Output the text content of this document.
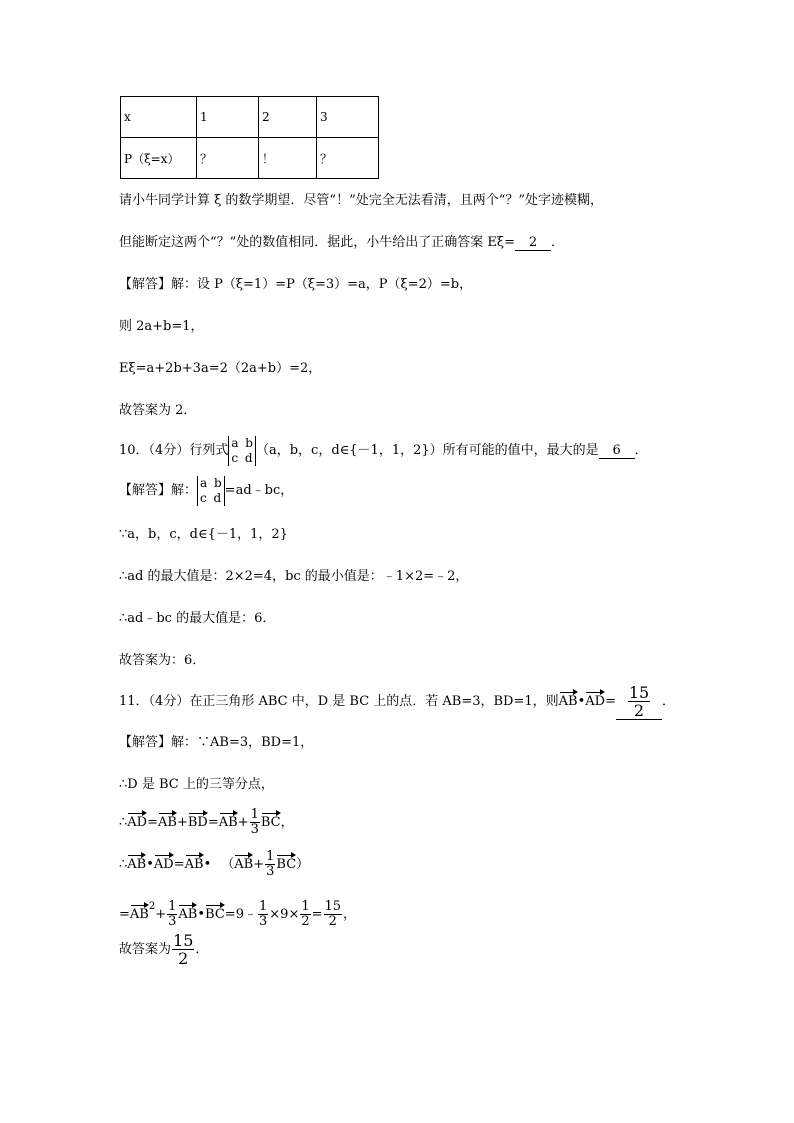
x	1	2	3
P（ξ=x）	？	！	？
请小牛同学计算 ξ 的数学期望．尽管“！”处完全无法看清，且两个“？”处字迹模糊，
但能断定这两个“？”处的数值相同．据此，小牛给出了正确答案 Eξ= 2 ．
【解答】解：设 P（ξ=1）=P（ξ=3）=a，P（ξ=2）=b，
则 2a+b=1，
Eξ=a+2b+3a=2（2a+b）=2，
故答案为 2．
10．（4分）行列式
a b
c d （a，b，c，d∈{－1，1，2}）所有可能的值中，最大的是 6 ．
【解答】解：
a b
c d =ad﹣bc，
∵a，b，c，d∈{－1，1，2}
∴ad 的最大值是：2×2=4，bc 的最小值是：﹣1×2=﹣2，
∴ad﹣bc 的最大值是：6．
故答案为：6．
11．（4分）在正三角形 ABC 中，D 是 BC 上的点．若 AB=3，BD=1，则AB•AD= $\frac{15}{2}$ ．
【解答】解：∵AB=3，BD=1，
∴D 是 BC 上的三等分点，
∴AD=AB+BD=AB+ $\frac{1}{3}$ BC，
∴AB•AD=AB• $(AB+ \frac{1}{3} BC)$
$=AB^2+ \frac{1}{3}$ AB•BC=9﹣ $\frac{1}{3} \times 9\times \frac{1}{2} = \frac{15}{2}$ ，
故答案为 $\frac{15}{2}$ ．
